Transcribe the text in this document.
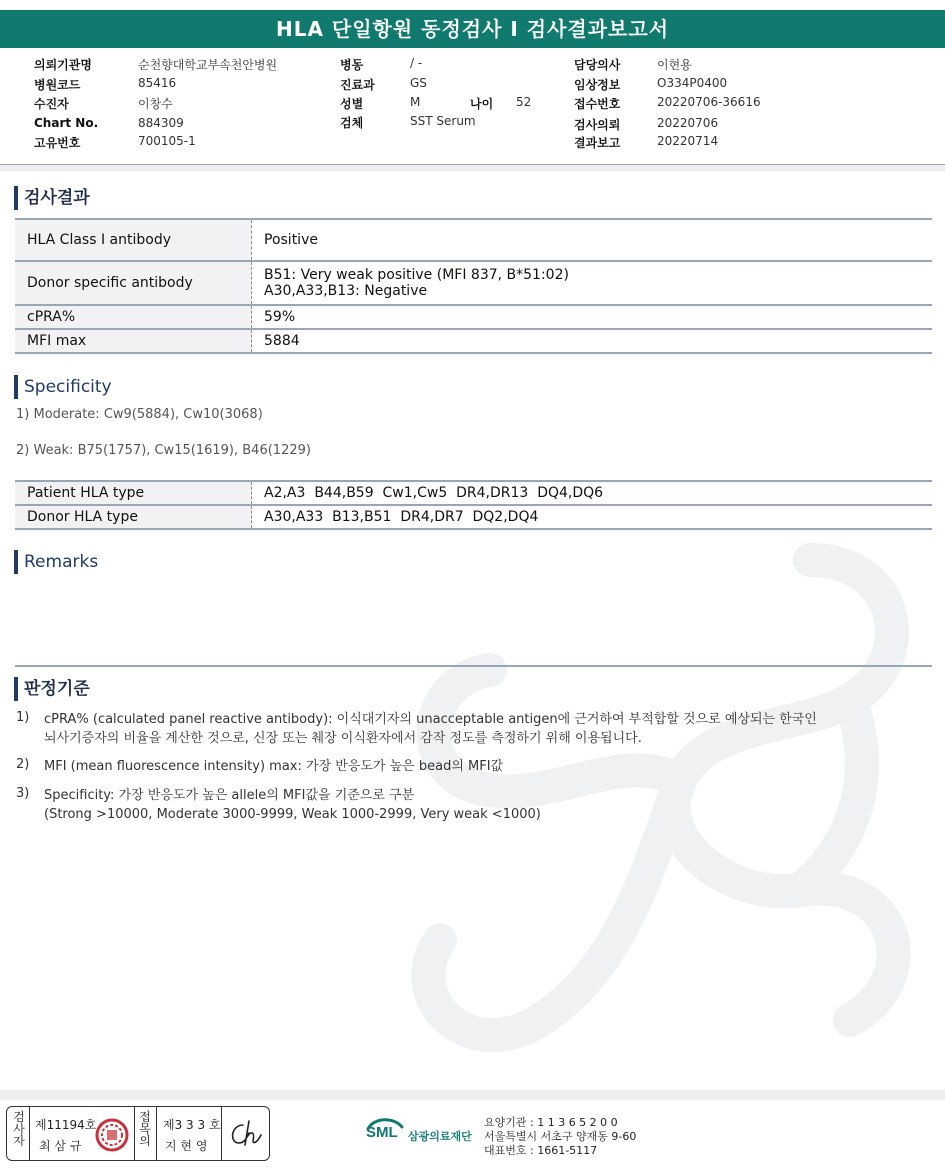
HLA 단일항원 동정검사 I 검사결과보고서
의뢰기관명	순천향대학교부속천안병원
병원코드	85416
수진자	이창수
Chart No.	884309
고유번호	700105-1
병동	/ -
진료과	GS
성별	M	나이 52
검체	SST Serum
담당의사	이현용
임상정보	O334P0400
접수번호	20220706-36616
검사의뢰	20220706
결과보고	20220714
검사결과
HLA Class I antibody	Positive
Donor specific antibody	B51: Very weak positive (MFI 837, B*51:02)
A30,A33,B13: Negative

cPRA%	59%
MFI max	5884
Specificity
1) Moderate: Cw9(5884), Cw10(3068)
2) Weak: B75(1757), Cw15(1619), B46(1229)
Patient HLA type	A2,A3  B44,B59  Cw1,Cw5  DR4,DR13  DQ4,DQ6
Donor HLA type	A30,A33  B13,B51  DR4,DR7  DQ2,DQ4
Remarks
판정기준
1) cPRA% (calculated panel reactive antibody): 이식대기자의 unacceptable antigen에 근거하여 부적합할 것으로 예상되는 한국인
뇌사기증자의 비율을 계산한 것으로, 신장 또는 췌장 이식환자에서 감작 정도를 측정하기 위해 이용됩니다.
2) MFI (mean fluorescence intensity) max: 가장 반응도가 높은 bead의 MFI값
3) Specificity: 가장 반응도가 높은 allele의 MFI값을 기준으로 구분
(Strong >10000, Moderate 3000-9999, Weak 1000-2999, Very weak <1000)
검
사
자
제11194호
최 삼 규
접
목
의
제3 3 3 호
지 현 영
SML 삼광의료재단
요양기관 : 1 1 3 6 5 2 0 0
서울특별시 서초구 양재동 9-60
대표번호 : 1661-5117
